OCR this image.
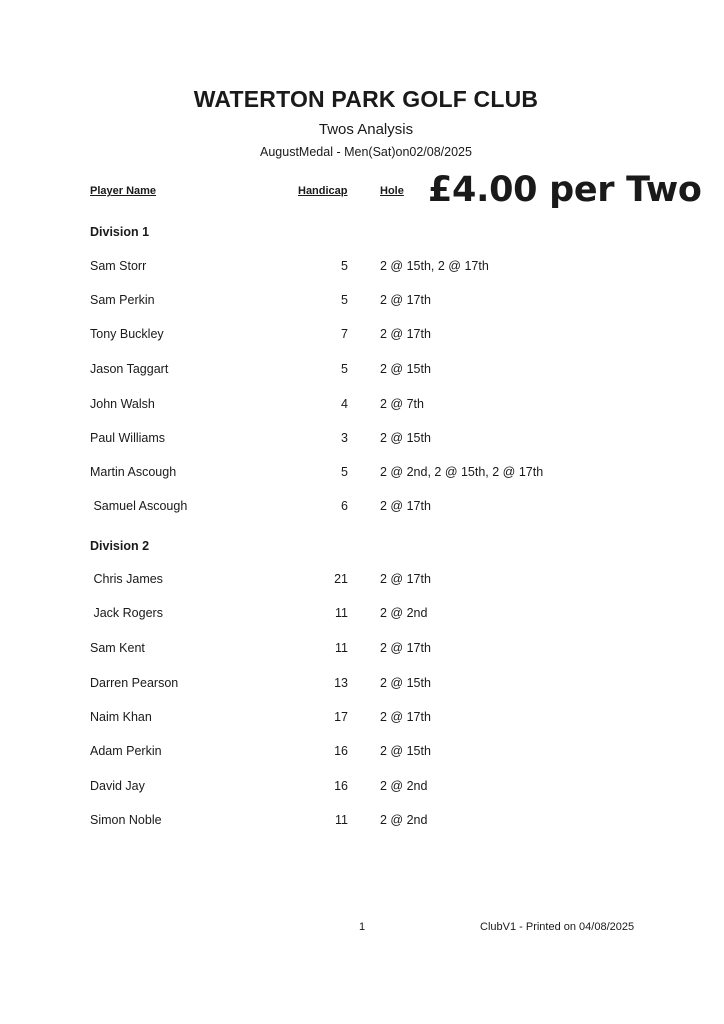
WATERTON PARK GOLF CLUB
Twos Analysis
AugustMedal - Men(Sat)on02/08/2025
Player Name	Handicap	Hole £4.00 per Two
Division 1
Sam Storr	5	2 @ 15th, 2 @ 17th
Sam Perkin	5	2 @ 17th
Tony Buckley	7	2 @ 17th
Jason Taggart	5	2 @ 15th
John Walsh	4	2 @ 7th
Paul Williams	3	2 @ 15th
Martin Ascough	5	2 @ 2nd, 2 @ 15th, 2 @ 17th
Samuel Ascough	6	2 @ 17th
Division 2
Chris James	21	2 @ 17th
Jack Rogers	11	2 @ 2nd
Sam Kent	11	2 @ 17th
Darren Pearson	13	2 @ 15th
Naim Khan	17	2 @ 17th
Adam Perkin	16	2 @ 15th
David Jay	16	2 @ 2nd
Simon Noble	11	2 @ 2nd
1	ClubV1 - Printed on 04/08/2025
